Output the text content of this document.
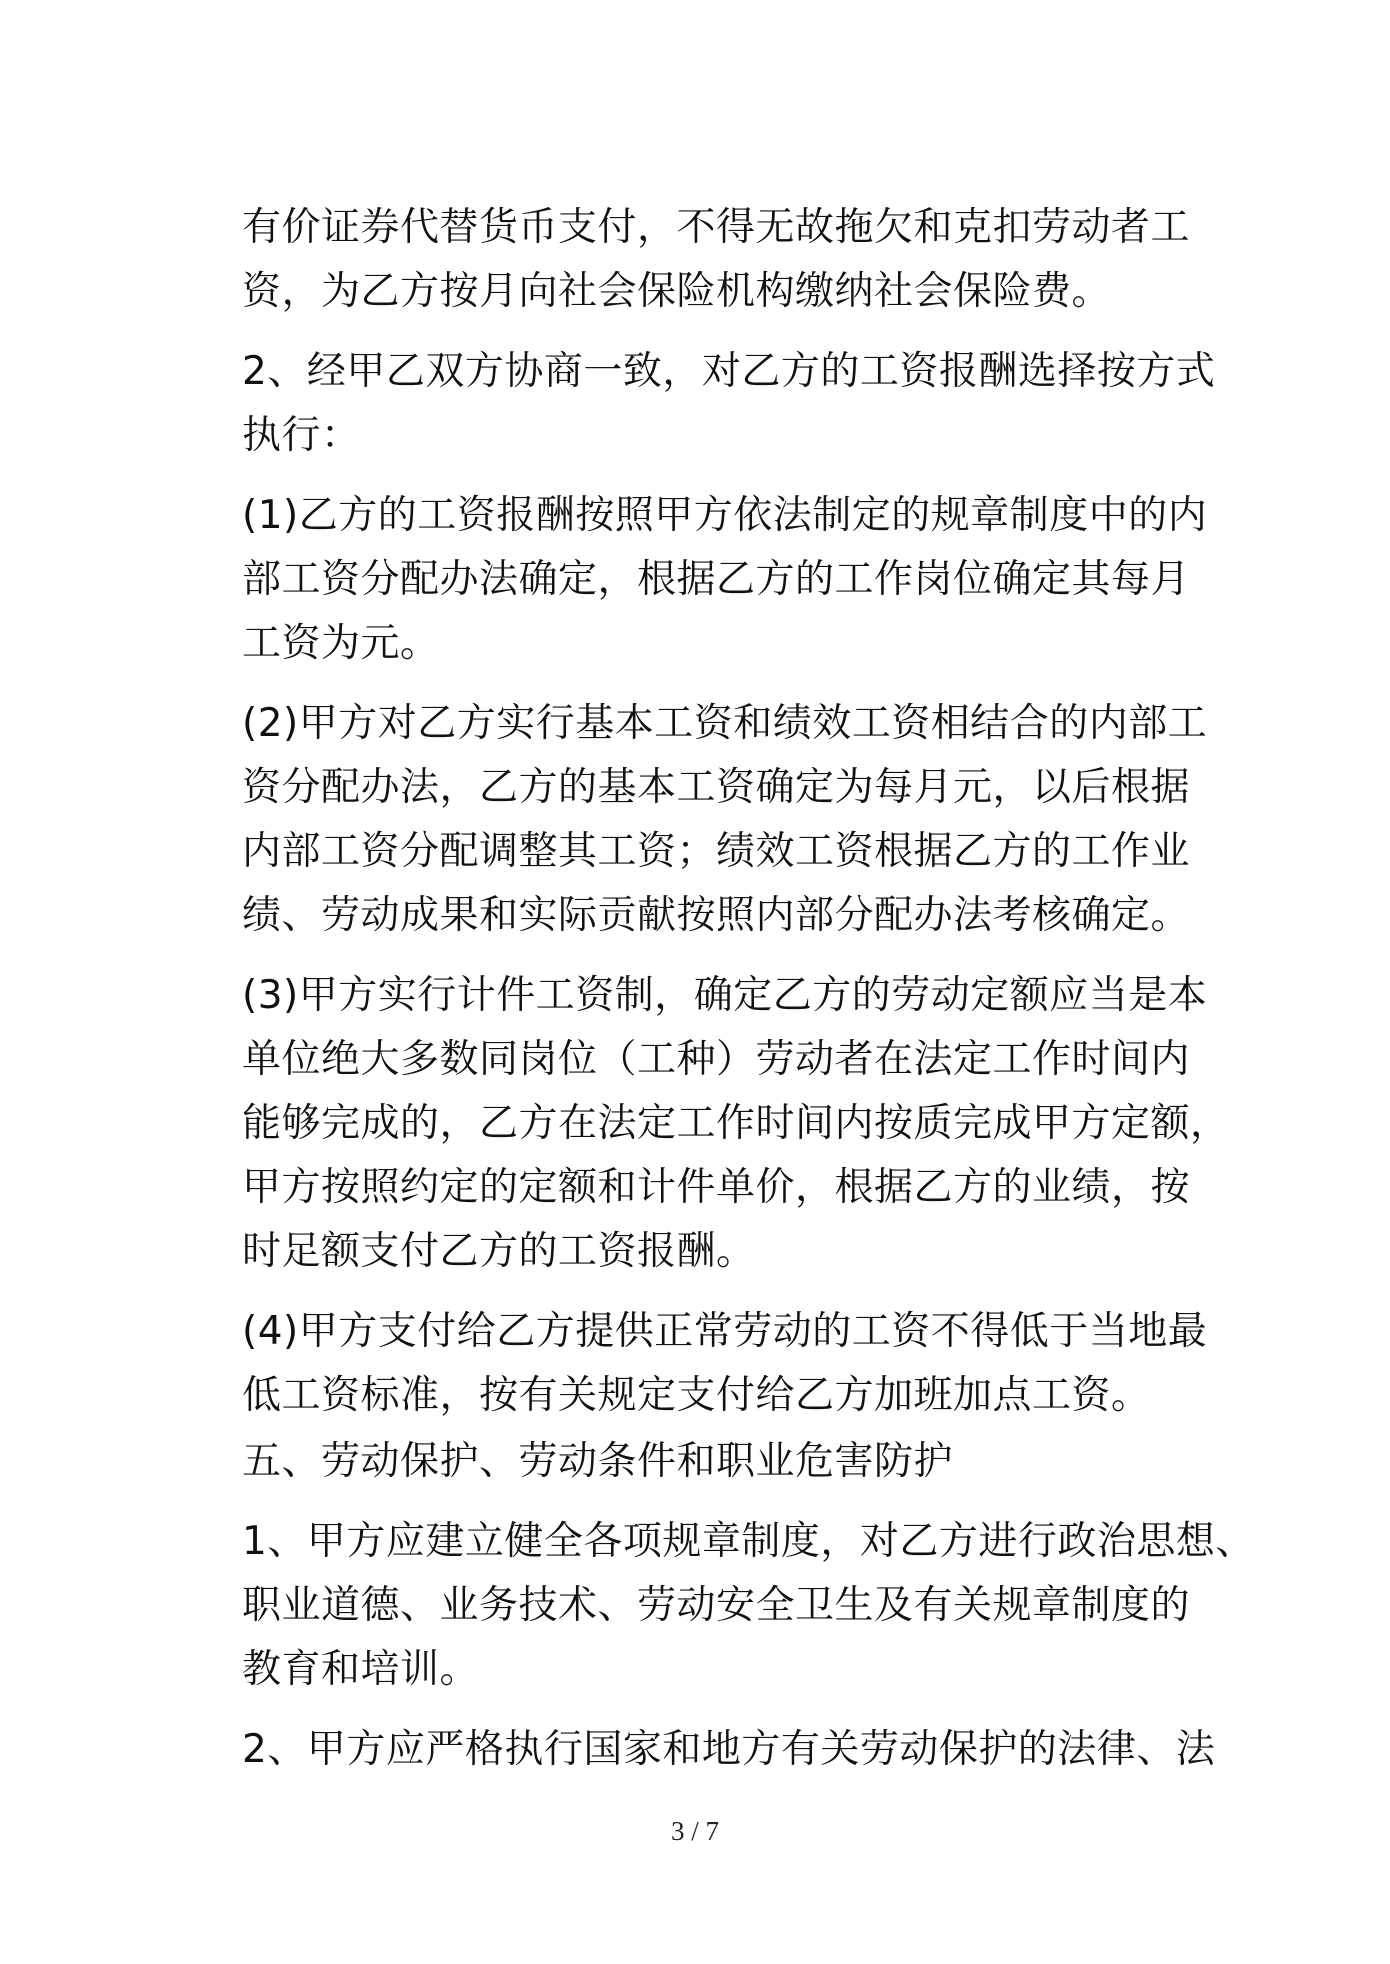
有价证券代替货币支付，不得无故拖欠和克扣劳动者工
资，为乙方按月向社会保险机构缴纳社会保险费。

2、经甲乙双方协商一致，对乙方的工资报酬选择按方式
执行：

(1)乙方的工资报酬按照甲方依法制定的规章制度中的内
部工资分配办法确定，根据乙方的工作岗位确定其每月
工资为元。

(2)甲方对乙方实行基本工资和绩效工资相结合的内部工
资分配办法，乙方的基本工资确定为每月元，以后根据
内部工资分配调整其工资；绩效工资根据乙方的工作业
绩、劳动成果和实际贡献按照内部分配办法考核确定。

(3)甲方实行计件工资制，确定乙方的劳动定额应当是本
单位绝大多数同岗位（工种）劳动者在法定工作时间内
能够完成的，乙方在法定工作时间内按质完成甲方定额，
甲方按照约定的定额和计件单价，根据乙方的业绩，按
时足额支付乙方的工资报酬。

(4)甲方支付给乙方提供正常劳动的工资不得低于当地最
低工资标准，按有关规定支付给乙方加班加点工资。

五、劳动保护、劳动条件和职业危害防护

1、甲方应建立健全各项规章制度，对乙方进行政治思想、
职业道德、业务技术、劳动安全卫生及有关规章制度的
教育和培训。

2、甲方应严格执行国家和地方有关劳动保护的法律、法

3 / 7
